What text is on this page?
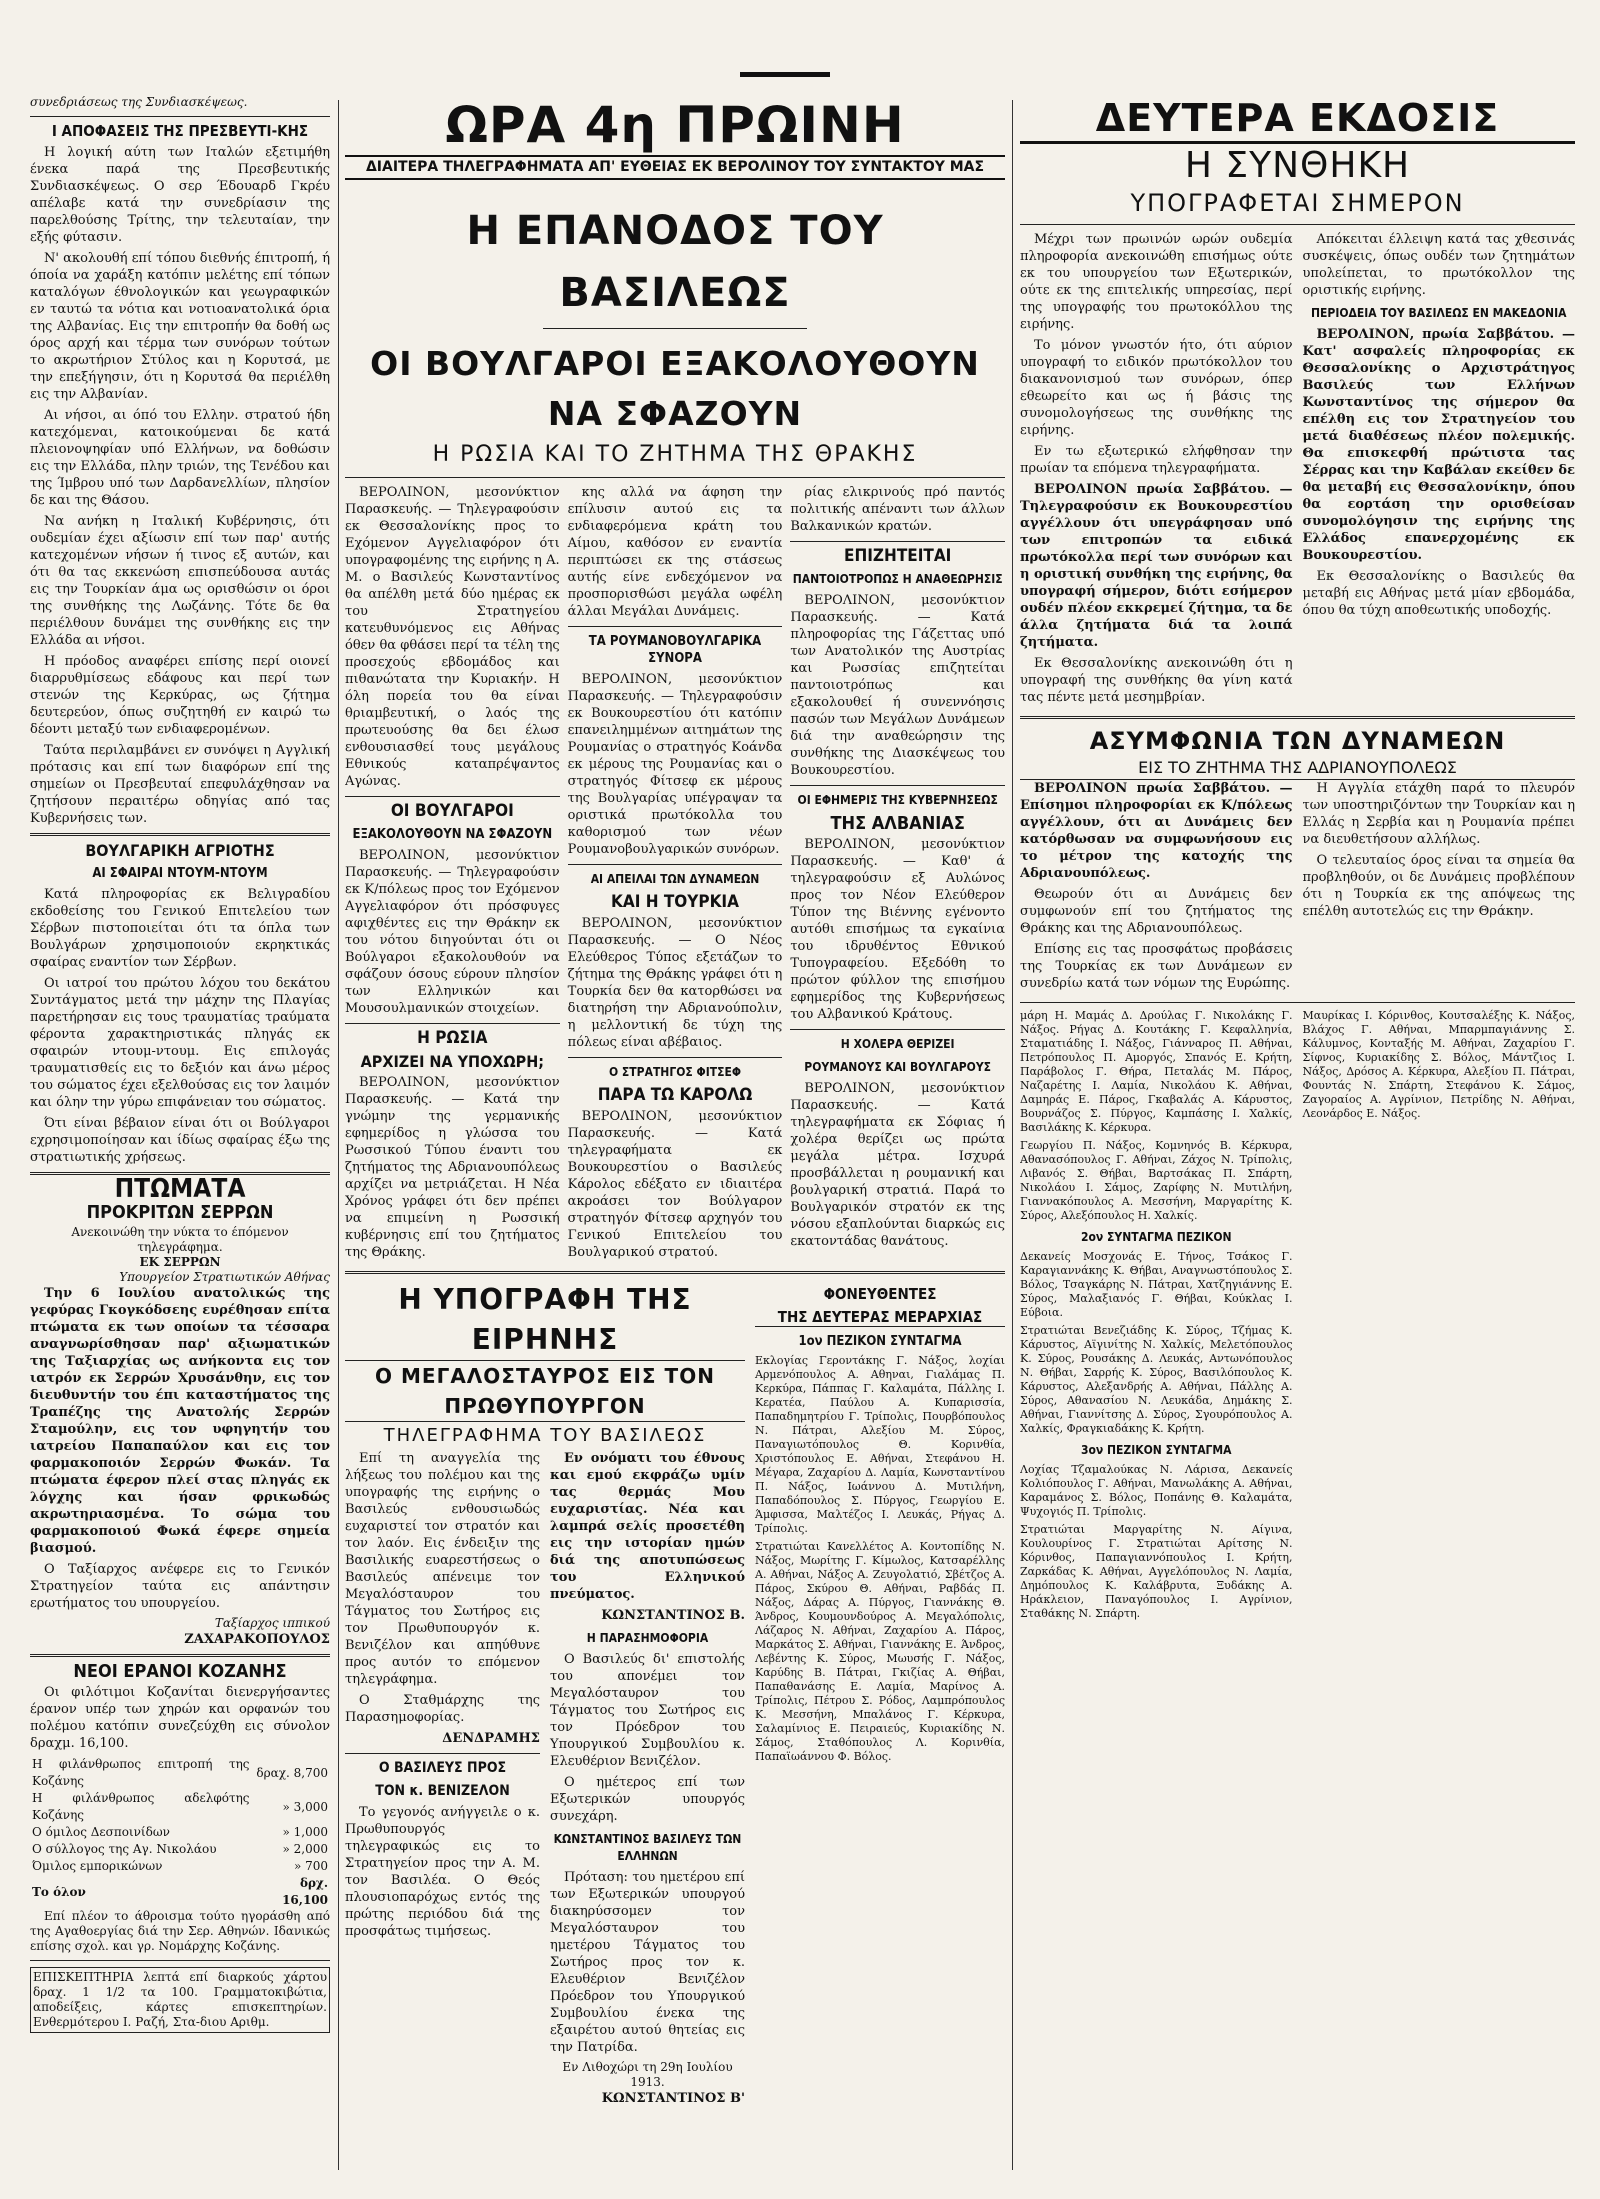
συνεδριάσεως της Συνδιασκέψεως.
Ι ΑΠΟΦΑΣΕΙΣ ΤΗΣ ΠΡΕΣΒΕΥΤΙ-ΚΗΣ

Η λογική αύτη των Ιταλών εξετιμήθη ένεκα παρά της Πρεσβευτικής Συνδιασκέψεως. Ο σερ Έδουαρδ Γκρέυ απέλαβε κατά την συνεδρίασιν της παρελθούσης Τρίτης, την τελευταίαν, την εξής φύτασιν.

Ν' ακολουθή επί τόπου διεθνής έπιτροπή, ή όποία να χαράξη κατόπιν μελέτης επί τόπων καταλόγων έθνολογικών και γεωγραφικών εν ταυτώ τα νότια και νοτιοανατολικά όρια της Αλβανίας. Εις την επιτροπήν θα δοθή ως όρος αρχή και τέρμα των συνόρων τούτων το ακρωτήριον Στύλος και η Κορυτσά, με την επεξήγησιν, ότι η Κορυτσά θα περιέλθη εις την Αλβανίαν.

Αι νήσοι, αι όπό του Ελλην. στρατού ήδη κατεχόμεναι, κατοικούμεναι δε κατά πλειονοψηφίαν υπό Ελλήνων, να δοθώσιν εις την Ελλάδα, πλην τριών, της Τενέδου και της Ίμβρου υπό των Δαρδανελλίων, πλησίον δε και της Θάσου.

Να ανήκη η Ιταλική Κυβέρνησις, ότι ουδεμίαν έχει αξίωσιν επί των παρ' αυτής κατεχομένων νήσων ή τινος εξ αυτών, και ότι θα τας εκκενώση επισπεύδουσα αυτάς εις την Τουρκίαν άμα ως ορισθώσιν οι όροι της συνθήκης της Λωζάνης. Τότε δε θα περιέλθουν δυνάμει της συνθήκης εις την Ελλάδα αι νήσοι.

Η πρόοδος αναφέρει επίσης περί οιονεί διαρρυθμίσεως εδάφους και περί των στενών της Κερκύρας, ως ζήτημα δευτερεύον, όπως συζητηθή εν καιρώ τω δέοντι μεταξύ των ενδιαφερομένων.

Ταύτα περιλαμβάνει εν συνόψει η Αγγλική πρότασις και επί των διαφόρων επί της σημείων οι Πρεσβευταί επεφυλάχθησαν να ζητήσουν περαιτέρω οδηγίας από τας Κυβερνήσεις των.

ΒΟΥΛΓΑΡΙΚΗ ΑΓΡΙΟΤΗΣ
ΑΙ ΣΦΑΙΡΑΙ ΝΤΟΥΜ-ΝΤΟΥΜ

Κατά πληροφορίας εκ Βελιγραδίου εκδοθείσης του Γενικού Επιτελείου των Σέρβων πιστοποιείται ότι τα όπλα των Βουλγάρων χρησιμοποιούν εκρηκτικάς σφαίρας εναντίον των Σέρβων.

Οι ιατροί του πρώτου λόχου του δεκάτου Συντάγματος μετά την μάχην της Πλαγίας παρετήρησαν εις τους τραυματίας τραύματα φέροντα χαρακτηριστικάς πληγάς εκ σφαιρών ντουμ-ντουμ. Εις επιλογάς τραυματισθείς εις το δεξιόν και άνω μέρος του σώματος έχει εξελθούσας εις τον λαιμόν και όλην την γύρω επιφάνειαν του σώματος.

Ότι είναι βέβαιον είναι ότι οι Βούλγαροι εχρησιμοποίησαν και ίδίως σφαίρας έξω της στρατιωτικής χρήσεως.

ΠΤΩΜΑΤΑ
ΠΡΟΚΡΙΤΩΝ ΣΕΡΡΩΝ
Ανεκοινώθη την νύκτα το έπόμενον τηλεγράφημα.
ΕΚ ΣΕΡΡΩΝ
Υπουργείον Στρατιωτικών Αθήνας

Την 6 Ιουλίου ανατολικώς της γεφύρας Γκογκόδσεης ευρέθησαν επίτα πτώματα εκ των οποίων τα τέσσαρα αναγνωρίσθησαν παρ' αξιωματικών της Ταξιαρχίας ως ανήκοντα εις τον ιατρόν εκ Σερρών Χρυσάνθην, εις τον διευθυντήν του έπι καταστήματος της Τραπέζης της Ανατολής Σερρών Σταμούλην, εις τον υφηγητήν του ιατρείου Παπαπαύλον και εις τον φαρμακοποιόν Σερρών Φωκάν. Τα πτώματα έφερον πλεί στας πληγάς εκ λόγχης και ήσαν φρικωδώς ακρωτηριασμένα. Το σώμα του φαρμακοποιού Φωκά έφερε σημεία βιασμού.

Ο Ταξίαρχος ανέφερε εις το Γενικόν Στρατηγείον ταύτα εις απάντησιν ερωτήματος του υπουργείου.

Ταξίαρχος ιππικού
ΖΑΧΑΡΑΚΟΠΟΥΛΟΣ
ΝΕΟΙ ΕΡΑΝΟΙ ΚΟΖΑΝΗΣ

Οι φιλότιμοι Κοζανίται διενεργήσαντες έρανον υπέρ των χηρών και ορφανών του πολέμου κατόπιν συνεζεύχθη εις σύνολον δραχμ. 16,100.

Η φιλάνθρωπος επιτροπή της Κοζάνης	δραχ. 8,700
Η φιλάνθρωπος αδελφότης Κοζάνης	» 3,000
Ο όμιλος Δεσποινίδων	» 1,000
Ο σύλλογος της Αγ. Νικολάου	» 2,000
Όμιλος εμπορικώνων	» 700
Το όλον	δρχ. 16,100

Επί πλέον το άθροισμα τούτο ηγοράσθη από της Αγαθοεργίας διά την Σερ. Αθηνών. Ιδανικώς επίσης σχολ. και γρ. Νομάρχης Κοζάνης.

ΕΠΙΣΚΕΠΤΗΡΙΑ λεπτά επί διαρκούς χάρτου δραχ. 1 1/2 τα 100. Γραμματοκιβώτια, αποδείξεις, κάρτες επισκεπτηρίων. Ενθερμότερου Ι. Ραζή, Στα-διου Αριθμ.
ΩΡΑ 4η ΠΡΩΙΝΗ
ΔΙΑΙΤΕΡΑ ΤΗΛΕΓΡΑΦΗΜΑΤΑ ΑΠ' ΕΥΘΕΙΑΣ ΕΚ ΒΕΡΟΛΙΝΟΥ ΤΟΥ ΣΥΝΤΑΚΤΟΥ ΜΑΣ
Η ΕΠΑΝΟΔΟΣ ΤΟΥ ΒΑΣΙΛΕΩΣ
ΟΙ ΒΟΥΛΓΑΡΟΙ ΕΞΑΚΟΛΟΥΘΟΥΝ ΝΑ ΣΦΑΖΟΥΝ
Η ΡΩΣΙΑ ΚΑΙ ΤΟ ΖΗΤΗΜΑ ΤΗΣ ΘΡΑΚΗΣ

ΒΕΡΟΛΙΝΟΝ, μεσονύκτιον Παρασκευής. — Τηλεγραφούσιν εκ Θεσσαλονίκης προς το Εχόμενον Αγγελιαφόρον ότι υπογραφομένης της ειρήνης η Α. Μ. ο Βασιλεύς Κωνσταντίνος θα απέλθη μετά δύο ημέρας εκ του Στρατηγείου κατευθυνόμενος εις Αθήνας όθεν θα φθάσει περί τα τέλη της προσεχούς εβδομάδος και πιθανώτατα την Κυριακήν. Η όλη πορεία του θα είναι θριαμβευτική, ο λαός της πρωτευούσης θα δει έλωσ ενθουσιασθεί τους μεγάλους Εθνικούς καταπρέψαντος Αγώνας.

ΟΙ ΒΟΥΛΓΑΡΟΙ
ΕΞΑΚΟΛΟΥΘΟΥΝ ΝΑ ΣΦΑΖΟΥΝ

ΒΕΡΟΛΙΝΟΝ, μεσονύκτιον Παρασκευής. — Τηλεγραφούσιν εκ Κ/πόλεως προς τον Εχόμενον Αγγελιαφόρον ότι πρόσφυγες αφιχθέντες εις την Θράκην εκ του νότου διηγούνται ότι οι Βούλγαροι εξακολουθούν να σφάζουν όσους εύρουν πλησίον των Ελληνικών και Μουσουλμανικών στοιχείων.

Η ΡΩΣΙΑ
ΑΡΧΙΖΕΙ ΝΑ ΥΠΟΧΩΡΗ;

ΒΕΡΟΛΙΝΟΝ, μεσονύκτιον Παρασκευής. — Κατά την γνώμην της γερμανικής εφημερίδος η γλώσσα του Ρωσσικού Τύπου έναντι του ζητήματος της Αδριανουπόλεως αρχίζει να μετριάζεται. Η Νέα Χρόνος γράφει ότι δεν πρέπει να επιμείνη η Ρωσσική κυβέρνησις επί του ζητήματος της Θράκης.

κης αλλά να άφηση την επίλυσιν αυτού εις τα ενδιαφερόμενα κράτη του Αίμου, καθόσον εν εναντία περιπτώσει εκ της στάσεως αυτής είνε ενδεχόμενον να προσπορισθώσι μεγάλα ωφέλη άλλαι Μεγάλαι Δυνάμεις.

ΤΑ ΡΟΥΜΑΝΟΒΟΥΛΓΑΡΙΚΑ ΣΥΝΟΡΑ

ΒΕΡΟΛΙΝΟΝ, μεσονύκτιον Παρασκευής. — Τηλεγραφούσιν εκ Βουκουρεστίου ότι κατόπιν επανειλημμένων αιτημάτων της Ρουμανίας ο στρατηγός Κοάνδα εκ μέρους της Ρουμανίας και ο στρατηγός Φίτσεφ εκ μέρους της Βουλγαρίας υπέγραψαν τα οριστικά πρωτόκολλα του καθορισμού των νέων Ρουμανοβουλγαρικών συνόρων.

ΑΙ ΑΠΕΙΛΑΙ ΤΩΝ ΔΥΝΑΜΕΩΝ
ΚΑΙ Η ΤΟΥΡΚΙΑ

ΒΕΡΟΛΙΝΟΝ, μεσονύκτιον Παρασκευής. — Ο Νέος Ελεύθερος Τύπος εξετάζων το ζήτημα της Θράκης γράφει ότι η Τουρκία δεν θα κατορθώσει να διατηρήση την Αδριανούπολιν, η μελλοντική δε τύχη της πόλεως είναι αβέβαιος.

Ο ΣΤΡΑΤΗΓΟΣ ΦΙΤΣΕΦ
ΠΑΡΑ ΤΩ ΚΑΡΟΛΩ

ΒΕΡΟΛΙΝΟΝ, μεσονύκτιον Παρασκευής. — Κατά τηλεγραφήματα εκ Βουκουρεστίου ο Βασιλεύς Κάρολος εδέξατο εν ιδιαιτέρα ακροάσει τον Βούλγαρον στρατηγόν Φίτσεφ αρχηγόν του Γενικού Επιτελείου του Βουλγαρικού στρατού.

ρίας ελικρινούς πρό παντός πολιτικής απέναντι των άλλων Βαλκανικών κρατών.

ΕΠΙΖΗΤΕΙΤΑΙ
ΠΑΝΤΟΙΟΤΡΟΠΩΣ Η ΑΝΑΘΕΩΡΗΣΙΣ

ΒΕΡΟΛΙΝΟΝ, μεσονύκτιον Παρασκευής. — Κατά πληροφορίας της Γάζεττας υπό των Ανατολικόν της Αυστρίας και Ρωσσίας επιζητείται παντοιοτρόπως και εξακολουθεί ή συνεννόησις πασών των Μεγάλων Δυνάμεων διά την αναθεώρησιν της συνθήκης της Διασκέψεως του Βουκουρεστίου.

ΟΙ ΕΦΗΜΕΡΙΣ ΤΗΣ ΚΥΒΕΡΝΗΣΕΩΣ
ΤΗΣ ΑΛΒΑΝΙΑΣ

ΒΕΡΟΛΙΝΟΝ, μεσονύκτιον Παρασκευής. — Καθ' ά τηλεγραφούσιν εξ Αυλώνος προς τον Νέον Ελεύθερον Τύπον της Βιέννης εγένοντο αυτόθι επισήμως τα εγκαίνια του ιδρυθέντος Εθνικού Τυπογραφείου. Εξεδόθη το πρώτον φύλλον της επισήμου εφημερίδος της Κυβερνήσεως του Αλβανικού Κράτους.

Η ΧΟΛΕΡΑ ΘΕΡΙΖΕΙ
ΡΟΥΜΑΝΟΥΣ ΚΑΙ ΒΟΥΛΓΑΡΟΥΣ

ΒΕΡΟΛΙΝΟΝ, μεσονύκτιον Παρασκευής. — Κατά τηλεγραφήματα εκ Σόφιας ή χολέρα θερίζει ως πρώτα μεγάλα μέτρα. Ισχυρά προσβάλλεται η ρουμανική και βουλγαρική στρατιά. Παρά το Βουλγαρικόν στρατόν εκ της νόσου εξαπλούνται διαρκώς εις εκατοντάδας θανάτους.

Η ΥΠΟΓΡΑΦΗ ΤΗΣ ΕΙΡΗΝΗΣ
Ο ΜΕΓΑΛΟΣΤΑΥΡΟΣ ΕΙΣ ΤΟΝ ΠΡΩΘΥΠΟΥΡΓΟΝ
ΤΗΛΕΓΡΑΦΗΜΑ ΤΟΥ ΒΑΣΙΛΕΩΣ

Επί τη αναγγελία της λήξεως του πολέμου και της υπογραφής της ειρήνης ο Βασιλεύς ενθουσιωδώς ευχαριστεί τον στρατόν και τον λαόν. Εις ένδειξιν της Βασιλικής ευαρεστήσεως ο Βασιλεύς απένειμε τον Μεγαλόσταυρον του Τάγματος του Σωτήρος εις τον Πρωθυπουργόν κ. Βενιζέλον και απηύθυνε προς αυτόν το επόμενον τηλεγράφημα.

Ο Σταθμάρχης της Παρασημοφορίας.

ΔΕΝΔΡΑΜΗΣ
Ο ΒΑΣΙΛΕΥΣ ΠΡΟΣ
ΤΟΝ κ. ΒΕΝΙΖΕΛΟΝ

Το γεγονός ανήγγειλε ο κ. Πρωθυπουργός τηλεγραφικώς εις το Στρατηγείον προς την Α. Μ. τον Βασιλέα. Ο Θεός πλουσιοπαρόχως εντός της πρώτης περιόδου διά της προσφάτως τιμήσεως.

Εν ονόματι του έθνους και εμού εκφράζω υμίν τας θερμάς Μου ευχαριστίας. Νέα και λαμπρά σελίς προσετέθη εις την ιστορίαν ημών διά της αποτυπώσεως του Ελληνικού πνεύματος.

ΚΩΝΣΤΑΝΤΙΝΟΣ Β.
Η ΠΑΡΑΣΗΜΟΦΟΡΙΑ

Ο Βασιλεύς δι' επιστολής του απονέμει τον Μεγαλόσταυρον του Τάγματος του Σωτήρος εις τον Πρόεδρον του Υπουργικού Συμβουλίου κ. Ελευθέριον Βενιζέλον.

Ο ημέτερος επί των Εξωτερικών υπουργός συνεχάρη.

ΚΩΝΣΤΑΝΤΙΝΟΣ ΒΑΣΙΛΕΥΣ ΤΩΝ ΕΛΛΗΝΩΝ

Πρόταση: του ημετέρου επί των Εξωτερικών υπουργού διακηρύσσομεν τον Μεγαλόσταυρον του ημετέρου Τάγματος του Σωτήρος προς τον κ. Ελευθέριον Βενιζέλον Πρόεδρον του Υπουργικού Συμβουλίου ένεκα της εξαιρέτου αυτού θητείας εις την Πατρίδα.

Εν Λιθοχώρι τη 29η Ιουλίου 1913.
ΚΩΝΣΤΑΝΤΙΝΟΣ Β'
ΦΟΝΕΥΘΕΝΤΕΣ
ΤΗΣ ΔΕΥΤΕΡΑΣ ΜΕΡΑΡΧΙΑΣ
1ον ΠΕΖΙΚΟΝ ΣΥΝΤΑΓΜΑ
Εκλογίας Γεροντάκης Γ. Νάξος, λοχίαι Αρμενόπουλος Α. Αθηναι, Γιαλάμας Π. Κερκύρα, Πάππας Γ. Καλαμάτα, Πάλλης Ι. Κερατέα, Παύλου Α. Κυπαρισσία, Παπαδημητρίου Γ. Τρίπολις, Πουρβόπουλος Ν. Πάτραι, Αλεξίου Μ. Σύρος, Παναγιωτόπουλος Θ. Κορινθία, Χριστόπουλος Ε. Αθήναι, Στεφάνου Η. Μέγαρα, Ζαχαρίου Δ. Λαμία, Κωνσταντίνου Π. Νάξος, Ιωάννου Δ. Μυτιλήνη, Παπαδόπουλος Σ. Πύργος, Γεωργίου Ε. Άμφισσα, Μαλτέζος Ι. Λευκάς, Ρήγας Δ. Τρίπολις.
Στρατιώται Κανελλέτος Α. Κοντοπίδης Ν. Νάξος, Μωρίτης Γ. Κίμωλος, Κατσαρέλλης Α. Αθήναι, Νάξος Α. Ζευγολατιό, Σβέτζος Α. Πάρος, Σκύρου Θ. Αθήναι, Ραβδάς Π. Νάξος, Δάρας Α. Πύργος, Γιαννάκης Θ. Άνδρος, Κουμουνδούρος Α. Μεγαλόπολις, Λάζαρος Ν. Αθήναι, Ζαχαρίου Α. Πάρος, Μαρκάτος Σ. Αθήναι, Γιαννάκης Ε. Άνδρος, Λεβέντης Κ. Σύρος, Μωυσής Γ. Νάξος, Καρύδης Β. Πάτραι, Γκιζίας Α. Θήβαι, Παπαθανάσης Ε. Λαμία, Μαρίνος Α. Τρίπολις, Πέτρου Σ. Ρόδος, Λαμπρόπουλος Κ. Μεσσήνη, Μπαλάνος Γ. Κέρκυρα, Σαλαμίνιος Ε. Πειραιεύς, Κυριακίδης Ν. Σάμος, Σταθόπουλος Λ. Κορινθία, Παπαϊωάννου Φ. Βόλος.
ΔΕΥΤΕΡΑ ΕΚΔΟΣΙΣ
Η ΣΥΝΘΗΚΗ
ΥΠΟΓΡΑΦΕΤΑΙ ΣΗΜΕΡΟΝ

Μέχρι των πρωινών ωρών ουδεμία πληροφορία ανεκοινώθη επισήμως ούτε εκ του υπουργείου των Εξωτερικών, ούτε εκ της επιτελικής υπηρεσίας, περί της υπογραφής του πρωτοκόλλου της ειρήνης.

Το μόνον γνωστόν ήτο, ότι αύριον υπογραφή το ειδικόν πρωτόκολλον του διακανονισμού των συνόρων, όπερ εθεωρείτο και ως ή βάσις της συνομολογήσεως της συνθήκης της ειρήνης.

Εν τω εξωτερικώ ελήφθησαν την πρωίαν τα επόμενα τηλεγραφήματα.

ΒΕΡΟΛΙΝΟΝ πρωία Σαββάτου. — Τηλεγραφούσιν εκ Βουκουρεστίου αγγέλλουν ότι υπεγράφησαν υπό των επιτροπών τα ειδικά πρωτόκολλα περί των συνόρων και η οριστική συνθήκη της ειρήνης, θα υπογραφή σήμερον, διότι εσήμερον ουδέν πλέον εκκρεμεί ζήτημα, τα δε άλλα ζητήματα διά τα λοιπά ζητήματα.

Εκ Θεσσαλονίκης ανεκοινώθη ότι η υπογραφή της συνθήκης θα γίνη κατά τας πέντε μετά μεσημβρίαν.

Απόκειται έλλειψη κατά τας χθεσινάς συσκέψεις, όπως ουδέν των ζητημάτων υπολείπεται, το πρωτόκολλον της οριστικής ειρήνης.

ΠΕΡΙΟΔΕΙΑ ΤΟΥ ΒΑΣΙΛΕΩΣ ΕΝ ΜΑΚΕΔΟΝΙΑ

ΒΕΡΟΛΙΝΟΝ, πρωία Σαββάτου. — Κατ' ασφαλείς πληροφορίας εκ Θεσσαλονίκης ο Αρχιστράτηγος Βασιλεύς των Ελλήνων Κωνσταντίνος της σήμερον θα επέλθη εις τον Στρατηγείον του μετά διαθέσεως πλέον πολεμικής. Θα επισκεφθή πρώτιστα τας Σέρρας και την Καβάλαν εκείθεν δε θα μεταβή εις Θεσσαλονίκην, όπου θα εορτάση την ορισθείσαν συνομολόγησιν της ειρήνης της Ελλάδος επανερχομένης εκ Βουκουρεστίου.

Εκ Θεσσαλονίκης ο Βασιλεύς θα μεταβή εις Αθήνας μετά μίαν εβδομάδα, όπου θα τύχη αποθεωτικής υποδοχής.

ΑΣΥΜΦΩΝΙΑ ΤΩΝ ΔΥΝΑΜΕΩΝ
ΕΙΣ ΤΟ ΖΗΤΗΜΑ ΤΗΣ ΑΔΡΙΑΝΟΥΠΟΛΕΩΣ

ΒΕΡΟΛΙΝΟΝ πρωία Σαββάτου. — Επίσημοι πληροφορίαι εκ Κ/πόλεως αγγέλλουν, ότι αι Δυνάμεις δεν κατόρθωσαν να συμφωνήσουν εις το μέτρον της κατοχής της Αδριανουπόλεως.

Θεωρούν ότι αι Δυνάμεις δεν συμφωνούν επί του ζητήματος της Θράκης και της Αδριανουπόλεως.

Επίσης εις τας προσφάτως προβάσεις της Τουρκίας εκ των Δυνάμεων εν συνεδρίω κατά των νόμων της Ευρώπης.

Η Αγγλία ετάχθη παρά το πλευρόν των υποστηριζόντων την Τουρκίαν και η Ελλάς η Σερβία και η Ρουμανία πρέπει να διευθετήσουν αλλήλως.

Ο τελευταίος όρος είναι τα σημεία θα προβληθούν, οι δε Δυνάμεις προβλέπουν ότι η Τουρκία εκ της απόψεως της επέλθη αυτοτελώς εις την Θράκην.

μάρη Η. Μαμάς Δ. Δρούλας Γ. Νικολάκης Γ. Νάξος. Ρήγας Δ. Κουτάκης Γ. Κεφαλληνία, Σταματιάδης Ι. Νάξος, Γιάνναρος Π. Αθήναι, Πετρόπουλος Π. Αμοργός, Σπανός Ε. Κρήτη, Παράβολος Γ. Θήρα, Πεταλάς Μ. Πάρος, Ναζαρέτης Ι. Λαμία, Νικολάου Κ. Αθήναι, Δαμηράς Ε. Πάρος, Γκαβαλάς Α. Κάρυστος, Βουρνάζος Σ. Πύργος, Καμπάσης Ι. Χαλκίς, Βασιλάκης Κ. Κέρκυρα.
Γεωργίου Π. Νάξος, Κομνηνός Β. Κέρκυρα, Αθανασόπουλος Γ. Αθήναι, Ζάχος Ν. Τρίπολις, Λιβανός Σ. Θήβαι, Βαρτσάκας Π. Σπάρτη, Νικολάου Ι. Σάμος, Ζαρίφης Ν. Μυτιλήνη, Γιαννακόπουλος Α. Μεσσήνη, Μαργαρίτης Κ. Σύρος, Αλεξόπουλος Η. Χαλκίς.
2ον ΣΥΝΤΑΓΜΑ ΠΕΖΙΚΟΝ
Δεκανείς Μοσχονάς Ε. Τήνος, Τσάκος Γ. Καραγιαννάκης Κ. Θήβαι, Αναγνωστόπουλος Σ. Βόλος, Τσαγκάρης Ν. Πάτραι, Χατζηγιάννης Ε. Σύρος, Μαλαξιανός Γ. Θήβαι, Κούκλας Ι. Εύβοια.
Στρατιώται Βενεζιάδης Κ. Σύρος, Τζήμας Κ. Κάρυστος, Αϊγινίτης Ν. Χαλκίς, Μελετόπουλος Κ. Σύρος, Ρουσάκης Δ. Λευκάς, Αντωνόπουλος Ν. Θήβαι, Σαρρής Κ. Σύρος, Βασιλόπουλος Κ. Κάρυστος, Αλεξανδρής Α. Αθήναι, Πάλλης Α. Σύρος, Αθανασίου Ν. Λευκάδα, Δημάκης Σ. Αθήναι, Γιαννίτσης Δ. Σύρος, Σγουρόπουλος Α. Χαλκίς, Φραγκιαδάκης Κ. Κρήτη.
3ον ΠΕΖΙΚΟΝ ΣΥΝΤΑΓΜΑ
Λοχίας Τζαμαλούκας Ν. Λάρισα, Δεκανείς Κολιόπουλος Γ. Αθήναι, Μανωλάκης Α. Αθήναι, Καραμάνος Σ. Βόλος, Ποπάνης Θ. Καλαμάτα, Ψυχογιός Π. Τρίπολις.
Στρατιώται Μαργαρίτης Ν. Αίγινα, Κουλουρίνος Γ. Στρατιώται Αρίτσης Ν. Κόρινθος, Παπαγιαννόπουλος Ι. Κρήτη, Ζαρκάδας Κ. Αθήναι, Αγγελόπουλος Ν. Λαμία, Δημόπουλος Κ. Καλάβρυτα, Ξυδάκης Α. Ηράκλειον, Παναγόπουλος Ι. Αγρίνιον, Σταθάκης Ν. Σπάρτη.
Μαυρίκας Ι. Κόρινθος, Κουτσαλέξης Κ. Νάξος, Βλάχος Γ. Αθήναι, Μπαρμπαγιάννης Σ. Κάλυμνος, Κονταξής Μ. Αθήναι, Ζαχαρίου Γ. Σίφνος, Κυριακίδης Σ. Βόλος, Μάντζιος Ι. Νάξος, Δρόσος Α. Κέρκυρα, Αλεξίου Π. Πάτραι, Φουντάς Ν. Σπάρτη, Στεφάνου Κ. Σάμος, Ζαγοραίος Α. Αγρίνιον, Πετρίδης Ν. Αθήναι, Λεονάρδος Ε. Νάξος.
